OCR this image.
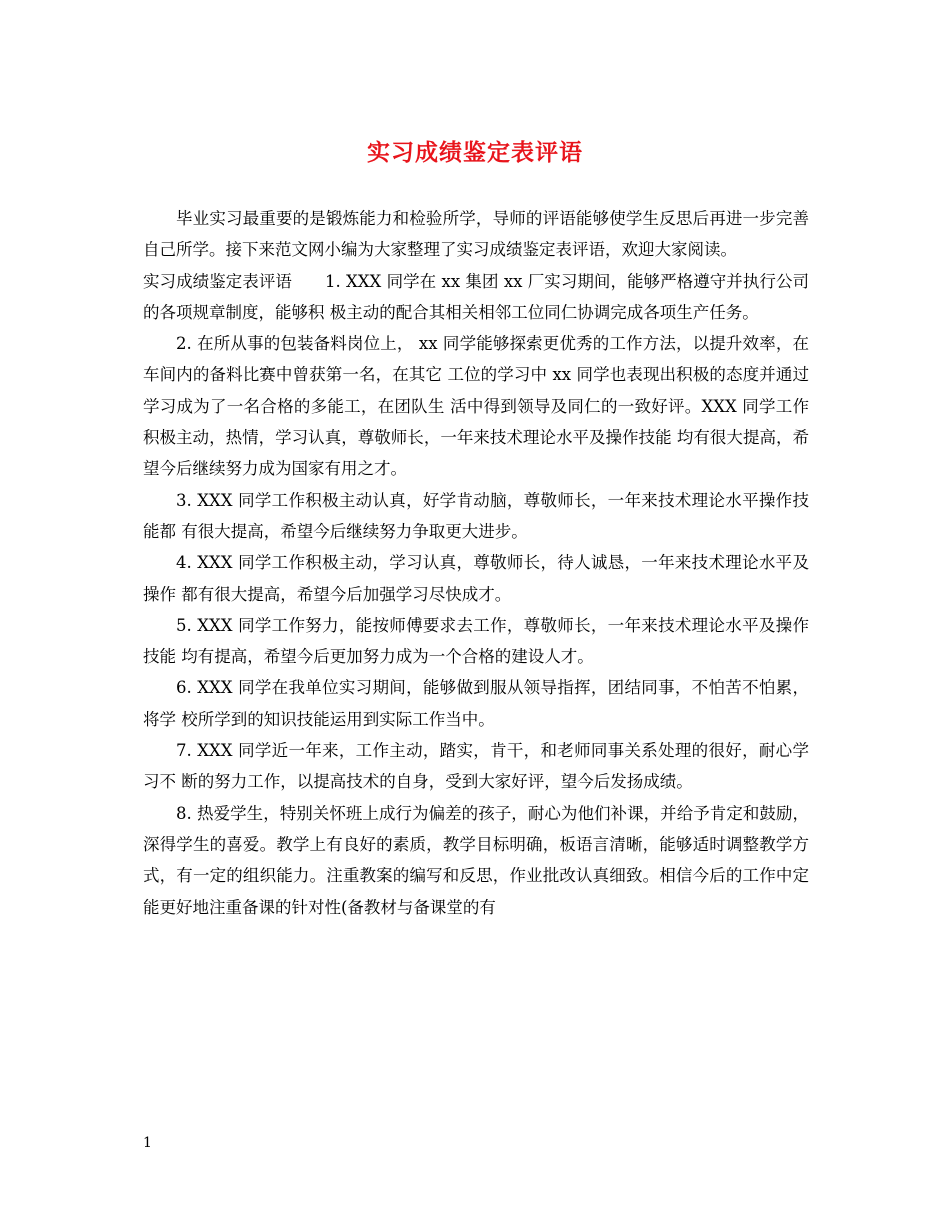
实习成绩鉴定表评语

毕业实习最重要的是锻炼能力和检验所学，导师的评语能够使学生反思后再进一步完善自己所学。接下来范文网小编为大家整理了实习成绩鉴定表评语，欢迎大家阅读。

实习成绩鉴定表评语　　1. XXX 同学在 xx 集团 xx 厂实习期间，能够严格遵守并执行公司的各项规章制度，能够积 极主动的配合其相关相邻工位同仁协调完成各项生产任务。

2. 在所从事的包装备料岗位上， xx 同学能够探索更优秀的工作方法，以提升效率，在车间内的备料比赛中曾获第一名，在其它 工位的学习中 xx 同学也表现出积极的态度并通过学习成为了一名合格的多能工，在团队生 活中得到领导及同仁的一致好评。XXX 同学工作积极主动，热情，学习认真，尊敬师长，一年来技术理论水平及操作技能 均有很大提高，希望今后继续努力成为国家有用之才。

3. XXX 同学工作积极主动认真，好学肯动脑，尊敬师长，一年来技术理论水平操作技能都 有很大提高，希望今后继续努力争取更大进步。

4. XXX 同学工作积极主动，学习认真，尊敬师长，待人诚恳，一年来技术理论水平及操作 都有很大提高，希望今后加强学习尽快成才。

5. XXX 同学工作努力，能按师傅要求去工作，尊敬师长，一年来技术理论水平及操作技能 均有提高，希望今后更加努力成为一个合格的建设人才。

6. XXX 同学在我单位实习期间，能够做到服从领导指挥，团结同事，不怕苦不怕累，将学 校所学到的知识技能运用到实际工作当中。

7. XXX 同学近一年来，工作主动，踏实，肯干，和老师同事关系处理的很好，耐心学习不 断的努力工作，以提高技术的自身，受到大家好评，望今后发扬成绩。

8. 热爱学生，特别关怀班上成行为偏差的孩子，耐心为他们补课，并给予肯定和鼓励，深得学生的喜爱。教学上有良好的素质，教学目标明确，板语言清晰，能够适时调整教学方式，有一定的组织能力。注重教案的编写和反思，作业批改认真细致。相信今后的工作中定能更好地注重备课的针对性(备教材与备课堂的有

1
